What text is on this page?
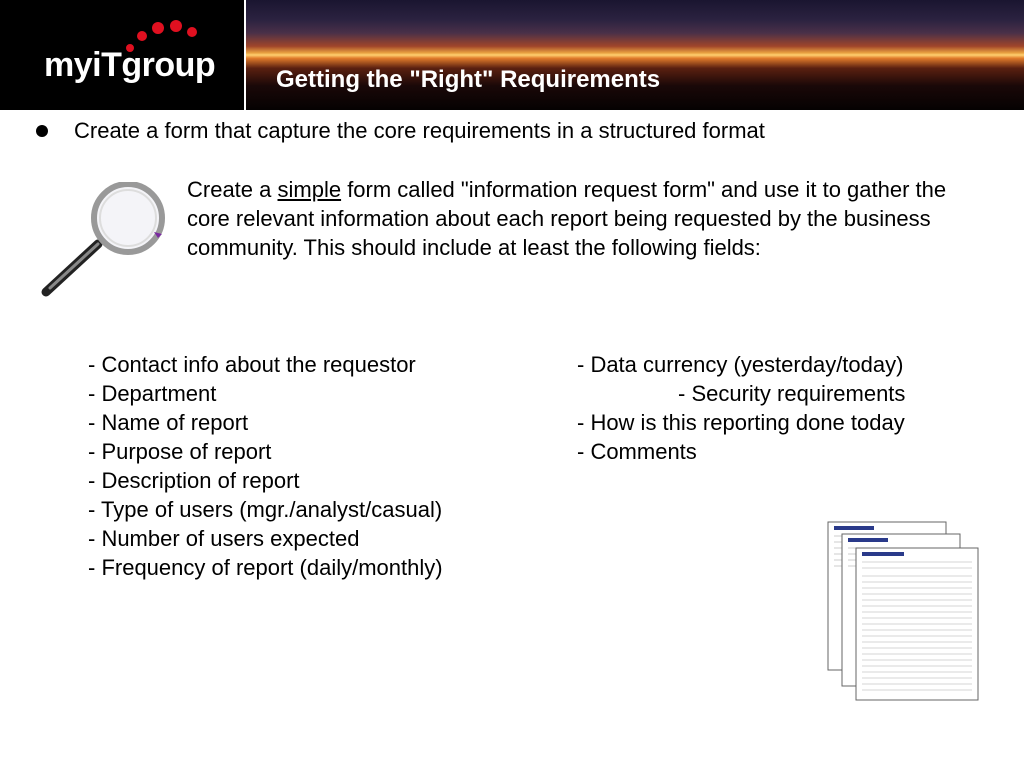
myiTgroup	Getting the "Right" Requirements
Create a form that capture the core requirements in a structured format
Create a simple form called "information request form" and use it to gather the core relevant information about each report being requested by the business community. This should include at least the following fields:
- Contact info about the requestor
- Department
- Name of report
- Purpose of report
- Description of report
- Type of users (mgr./analyst/casual)
- Number of users expected
- Frequency of report (daily/monthly)
- Data currency (yesterday/today)
- Security requirements
- How is this reporting done today
- Comments
